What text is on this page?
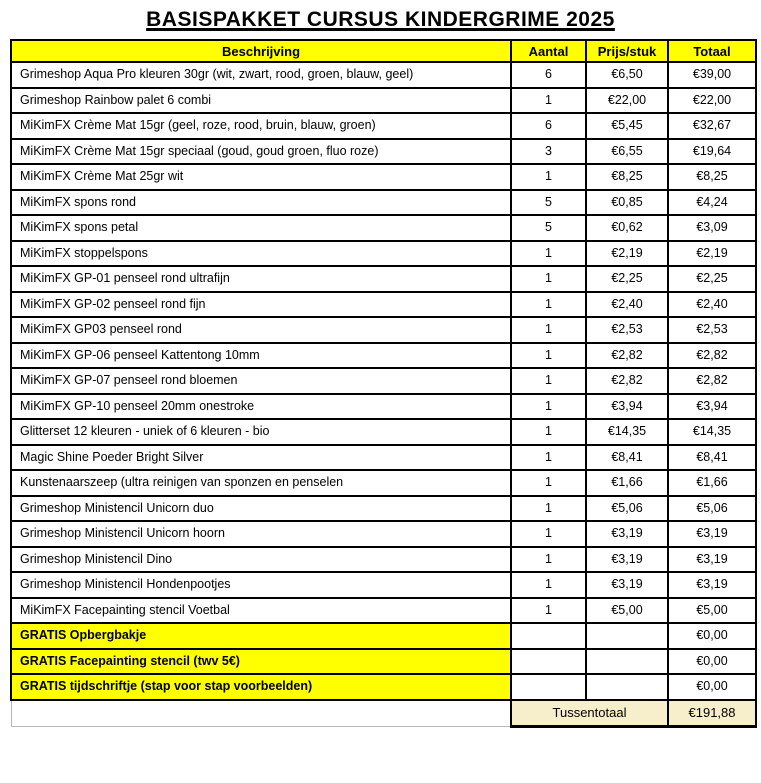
BASISPAKKET CURSUS KINDERGRIME 2025
Beschrijving	Aantal	Prijs/stuk	Totaal
Grimeshop Aqua Pro kleuren 30gr (wit, zwart, rood, groen, blauw, geel)	6	€6,50	€39,00
Grimeshop Rainbow palet 6 combi	1	€22,00	€22,00
MiKimFX Crème Mat 15gr (geel, roze, rood, bruin, blauw, groen)	6	€5,45	€32,67
MiKimFX Crème Mat 15gr speciaal (goud, goud groen, fluo roze)	3	€6,55	€19,64
MiKimFX Crème Mat 25gr wit	1	€8,25	€8,25
MiKimFX spons rond	5	€0,85	€4,24
MiKimFX spons petal	5	€0,62	€3,09
MiKimFX stoppelspons	1	€2,19	€2,19
MiKimFX GP-01 penseel rond ultrafijn	1	€2,25	€2,25
MiKimFX GP-02 penseel rond fijn	1	€2,40	€2,40
MiKimFX GP03 penseel rond	1	€2,53	€2,53
MiKimFX GP-06 penseel Kattentong 10mm	1	€2,82	€2,82
MiKimFX GP-07 penseel rond bloemen	1	€2,82	€2,82
MiKimFX GP-10 penseel 20mm onestroke	1	€3,94	€3,94
Glitterset 12 kleuren - uniek of 6 kleuren - bio	1	€14,35	€14,35
Magic Shine Poeder Bright Silver	1	€8,41	€8,41
Kunstenaarszeep (ultra reinigen van sponzen en penselen	1	€1,66	€1,66
Grimeshop Ministencil Unicorn duo	1	€5,06	€5,06
Grimeshop Ministencil Unicorn hoorn	1	€3,19	€3,19
Grimeshop Ministencil Dino	1	€3,19	€3,19
Grimeshop Ministencil Hondenpootjes	1	€3,19	€3,19
MiKimFX Facepainting stencil Voetbal	1	€5,00	€5,00
GRATIS Opbergbakje			€0,00
GRATIS Facepainting stencil (twv 5€)			€0,00
GRATIS tijdschriftje (stap voor stap voorbeelden)			€0,00
	Tussentotaal		€191,88
